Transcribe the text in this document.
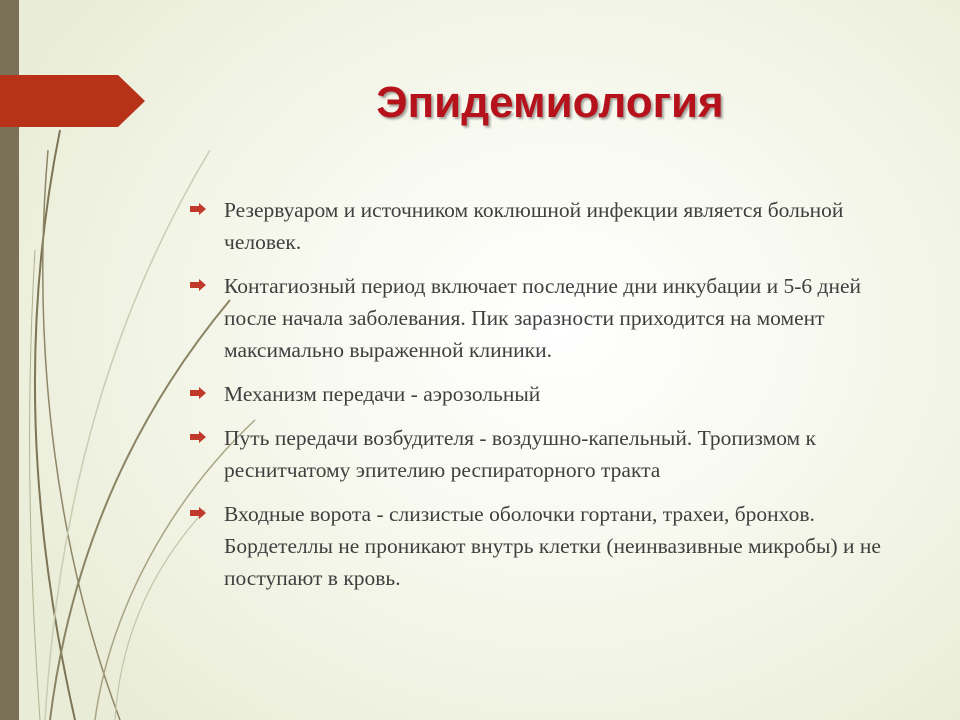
Эпидемиология
Резервуаром и источником коклюшной инфекции является больной человек.
Контагиозный период включает последние дни инкубации и 5-6 дней после начала заболевания. Пик заразности приходится на момент максимально выраженной клиники.
Механизм передачи - аэрозольный
Путь передачи возбудителя - воздушно-капельный. Тропизмом к реснитчатому эпителию респираторного тракта
Входные ворота - слизистые оболочки гортани, трахеи, бронхов. Бордетеллы не проникают внутрь клетки (неинвазивные микробы) и не поступают в кровь.
